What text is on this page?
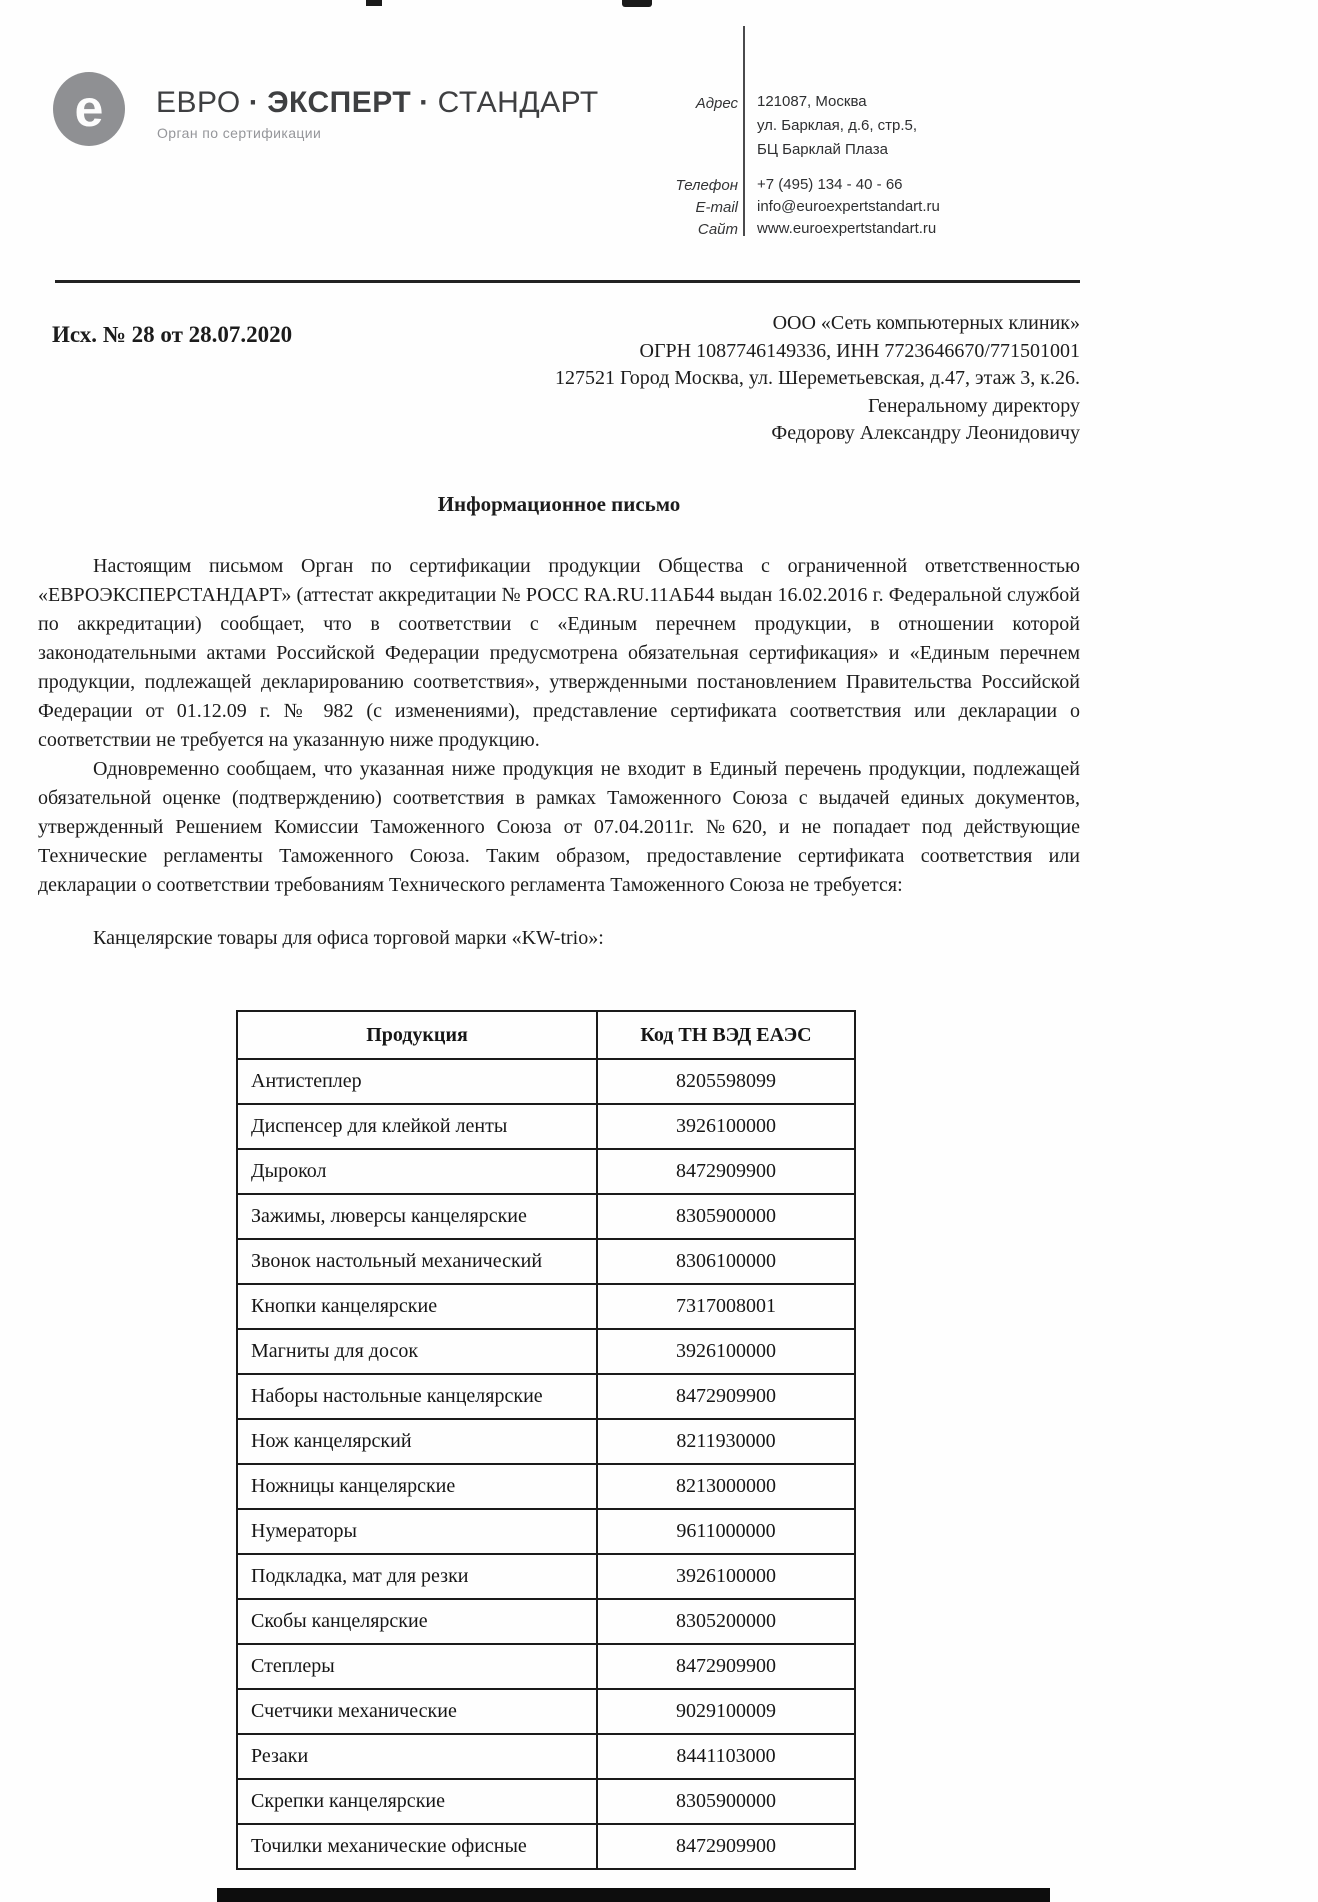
e ЕВРО · ЭКСПЕРТ · СТАНДАРТ
Орган по сертификации
Адрес 121087, Москва
ул. Барклая, д.6, стр.5,
БЦ Барклай Плаза
Телефон +7 (495) 134 - 40 - 66
E-mail info@euroexpertstandart.ru
Сайт www.euroexpertstandart.ru
Исх. № 28 от 28.07.2020	ООО «Сеть компьютерных клиник»
ОГРН 1087746149336, ИНН 7723646670/771501001
127521 Город Москва, ул. Шереметьевская, д.47, этаж 3, к.26.
Генеральному директору
Федорову Александру Леонидовичу
Информационное письмо

Настоящим письмом Орган по сертификации продукции Общества с ограниченной ответственностью «ЕВРОЭКСПЕРСТАНДАРТ» (аттестат аккредитации № РОСС RA.RU.11АБ44 выдан 16.02.2016 г. Федеральной службой по аккредитации) сообщает, что в соответствии с «Единым перечнем продукции, в отношении которой законодательными актами Российской Федерации предусмотрена обязательная сертификация» и «Единым перечнем продукции, подлежащей декларированию соответствия», утвержденными постановлением Правительства Российской Федерации от 01.12.09 г. № 982 (с изменениями), представление сертификата соответствия или декларации о соответствии не требуется на указанную ниже продукцию.

Одновременно сообщаем, что указанная ниже продукция не входит в Единый перечень продукции, подлежащей обязательной оценке (подтверждению) соответствия в рамках Таможенного Союза с выдачей единых документов, утвержденный Решением Комиссии Таможенного Союза от 07.04.2011г. №620, и не попадает под действующие Технические регламенты Таможенного Союза. Таким образом, предоставление сертификата соответствия или декларации о соответствии требованиям Технического регламента Таможенного Союза не требуется:

Канцелярские товары для офиса торговой марки «KW-trio»:

Продукция	Код ТН ВЭД ЕАЭС
Антистеплер	8205598099
Диспенсер для клейкой ленты	3926100000
Дырокол	8472909900
Зажимы, люверсы канцелярские	8305900000
Звонок настольный механический	8306100000
Кнопки канцелярские	7317008001
Магниты для досок	3926100000
Наборы настольные канцелярские	8472909900
Нож канцелярский	8211930000
Ножницы канцелярские	8213000000
Нумераторы	9611000000
Подкладка, мат для резки	3926100000
Скобы канцелярские	8305200000
Степлеры	8472909900
Счетчики механические	9029100009
Резаки	8441103000
Скрепки канцелярские	8305900000
Точилки механические офисные	8472909900
